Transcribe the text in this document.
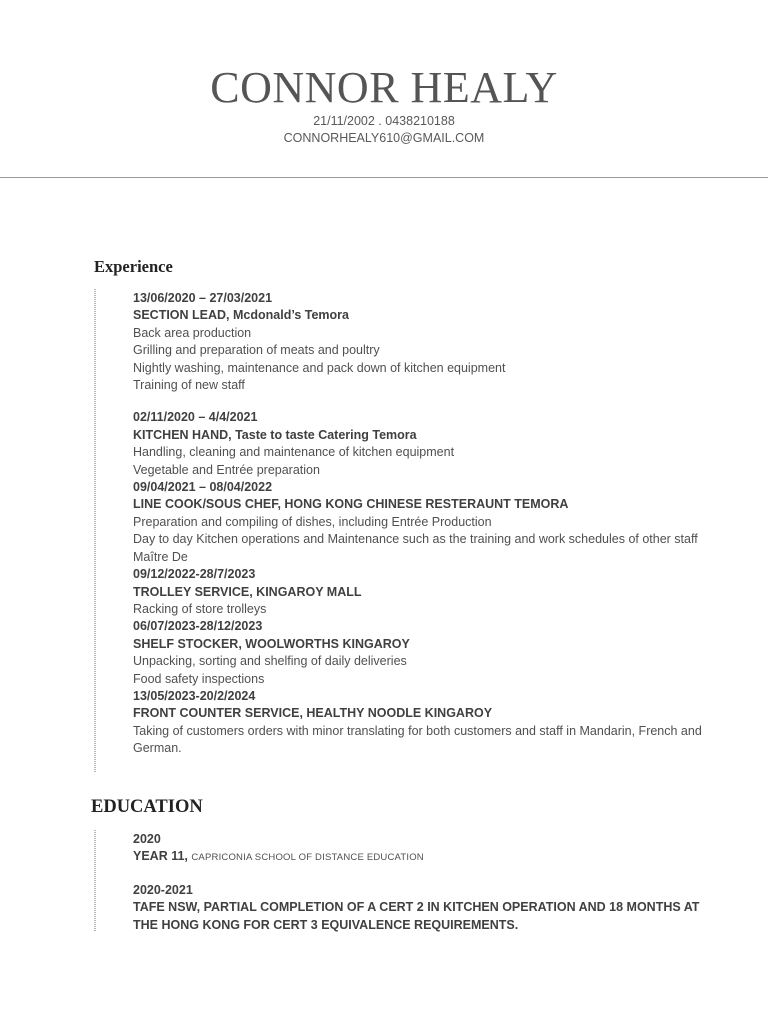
CONNOR HEALY
21/11/2002 . 0438210188
CONNORHEALY610@GMAIL.COM
Experience
13/06/2020 – 27/03/2021
SECTION LEAD, Mcdonald’s Temora
Back area production
Grilling and preparation of meats and poultry
Nightly washing, maintenance and pack down of kitchen equipment
Training of new staff
02/11/2020 – 4/4/2021
KITCHEN HAND, Taste to taste Catering Temora
Handling, cleaning and maintenance of kitchen equipment
Vegetable and Entrée preparation
09/04/2021 – 08/04/2022
LINE COOK/SOUS CHEF, HONG KONG CHINESE RESTERAUNT TEMORA
Preparation and compiling of dishes, including Entrée Production
Day to day Kitchen operations and Maintenance such as the training and work schedules of other staff
Maître De
09/12/2022-28/7/2023
TROLLEY SERVICE, KINGAROY MALL
Racking of store trolleys
06/07/2023-28/12/2023
SHELF STOCKER, WOOLWORTHS KINGAROY
Unpacking, sorting and shelfing of daily deliveries
Food safety inspections
13/05/2023-20/2/2024
FRONT COUNTER SERVICE, HEALTHY NOODLE KINGAROY
Taking of customers orders with minor translating for both customers and staff in Mandarin, French and German.
EDUCATION
2020
YEAR 11, CAPRICONIA SCHOOL OF DISTANCE EDUCATION
2020-2021
TAFE NSW, PARTIAL COMPLETION OF A CERT 2 IN KITCHEN OPERATION AND 18 MONTHS AT THE HONG KONG FOR CERT 3 EQUIVALENCE REQUIREMENTS.
